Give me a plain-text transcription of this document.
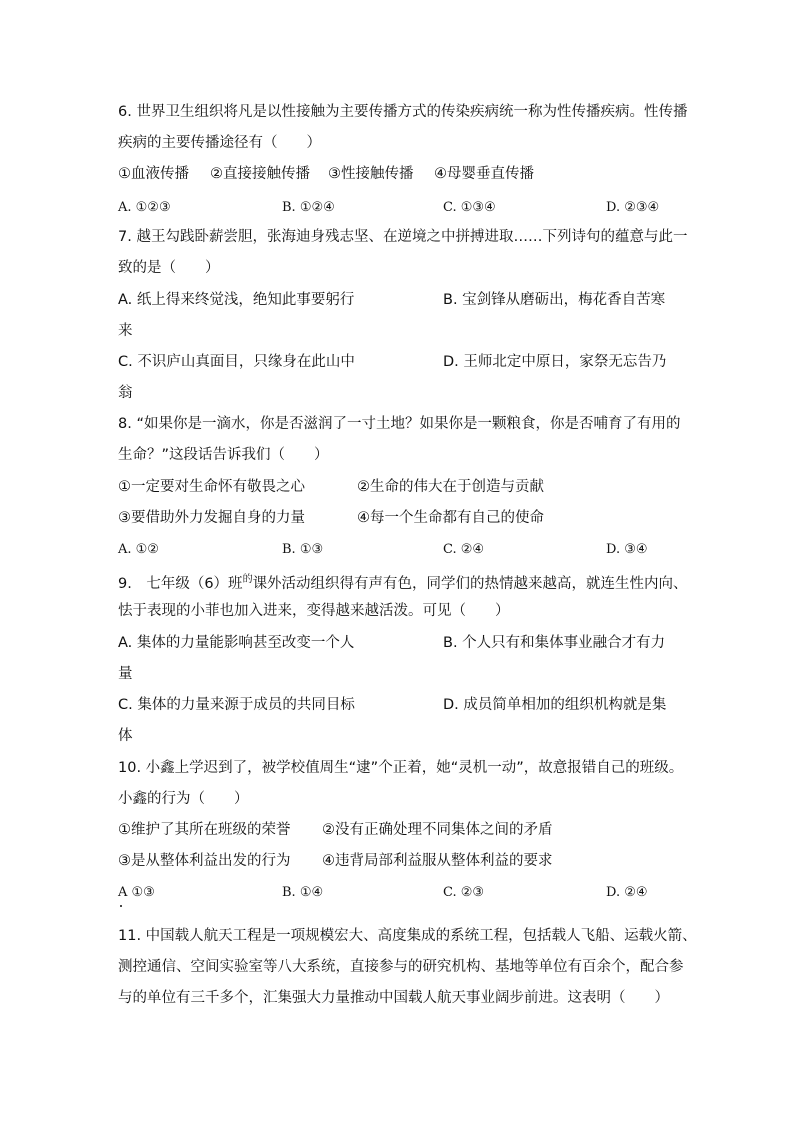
6. 世界卫生组织将凡是以性接触为主要传播方式的传染疾病统一称为性传播疾病。性传播
疾病的主要传播途径有（　　）
①血液传播 ②直接接触传播 ③性接触传播 ④母婴垂直传播
A. ①②③	B. ①②④	C. ①③④	D. ②③④
7. 越王勾践卧薪尝胆，张海迪身残志坚、在逆境之中拼搏进取……下列诗句的蕴意与此一
致的是（　　）
A. 纸上得来终觉浅，绝知此事要躬行	B. 宝剑锋从磨砺出，梅花香自苦寒
来
C. 不识庐山真面目，只缘身在此山中	D. 王师北定中原日，家祭无忘告乃
翁
8. “如果你是一滴水，你是否滋润了一寸土地？如果你是一颗粮食，你是否哺育了有用的
生命？”这段话告诉我们（　　）
①一定要对生命怀有敬畏之心	②生命的伟大在于创造与贡献
③要借助外力发掘自身的力量	④每一个生命都有自己的使命
A. ①②	B. ①③	C. ②④	D. ③④
9.　七年级（6）班$^的$课外活动组织得有声有色，同学们的热情越来越高，就连生性内向、
怯于表现的小菲也加入进来，变得越来越活泼。可见（　　）
A. 集体的力量能影响甚至改变一个人	B. 个人只有和集体事业融合才有力
量
C. 集体的力量来源于成员的共同目标	D. 成员简单相加的组织机构就是集
体
10. 小鑫上学迟到了，被学校值周生“逮”个正着，她“灵机一动”，故意报错自己的班级。
小鑫的行为（　　）
①维护了其所在班级的荣誉 ②没有正确处理不同集体之间的矛盾
③是从整体利益出发的行为 ④违背局部利益服从整体利益的要求
A ①③	B. ①④	C. ②③	D. ②④
11. 中国载人航天工程是一项规模宏大、高度集成的系统工程，包括载人飞船、运载火箭、
测控通信、空间实验室等八大系统，直接参与的研究机构、基地等单位有百余个，配合参
与的单位有三千多个，汇集强大力量推动中国载人航天事业阔步前进。这表明（　　）
